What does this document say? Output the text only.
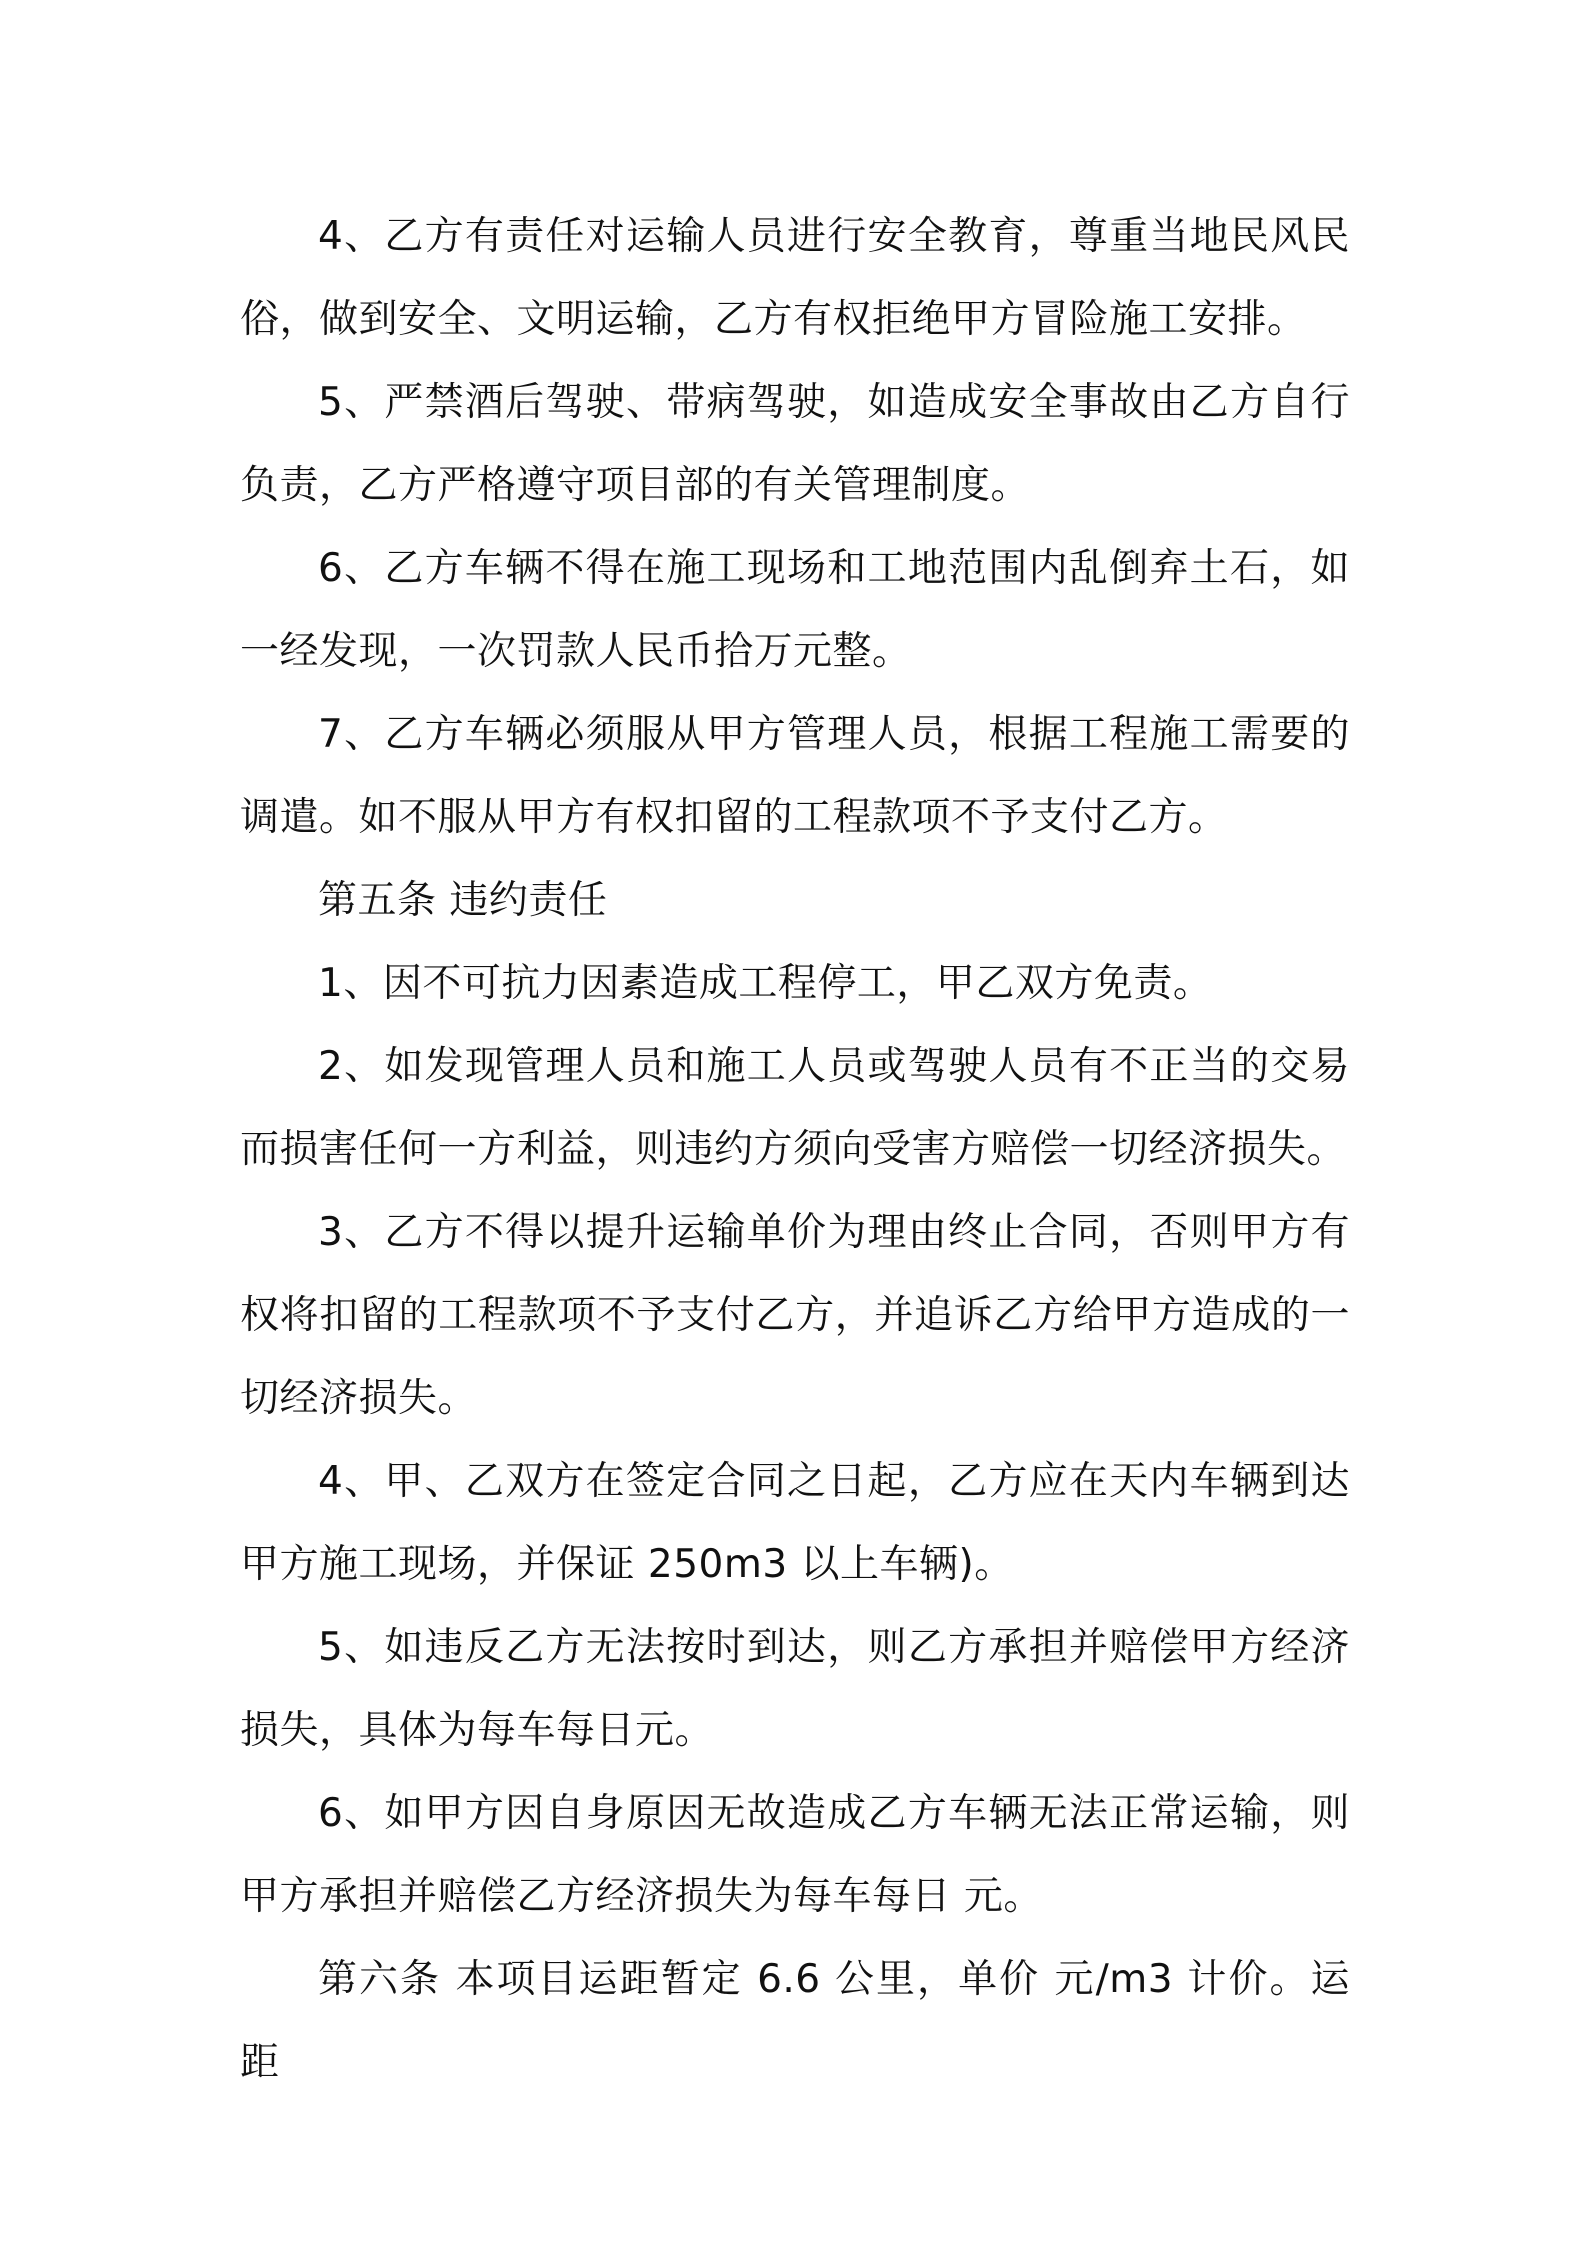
4、乙方有责任对运输人员进行安全教育，尊重当地民风民俗，做到安全、文明运输，乙方有权拒绝甲方冒险施工安排。

5、严禁酒后驾驶、带病驾驶，如造成安全事故由乙方自行负责，乙方严格遵守项目部的有关管理制度。

6、乙方车辆不得在施工现场和工地范围内乱倒弃土石，如一经发现，一次罚款人民币拾万元整。

7、乙方车辆必须服从甲方管理人员，根据工程施工需要的调遣。如不服从甲方有权扣留的工程款项不予支付乙方。

第五条 违约责任

1、因不可抗力因素造成工程停工，甲乙双方免责。

2、如发现管理人员和施工人员或驾驶人员有不正当的交易而损害任何一方利益，则违约方须向受害方赔偿一切经济损失。

3、乙方不得以提升运输单价为理由终止合同，否则甲方有权将扣留的工程款项不予支付乙方，并追诉乙方给甲方造成的一切经济损失。

4、甲、乙双方在签定合同之日起，乙方应在天内车辆到达甲方施工现场，并保证 250m3 以上车辆)。

5、如违反乙方无法按时到达，则乙方承担并赔偿甲方经济损失，具体为每车每日元。

6、如甲方因自身原因无故造成乙方车辆无法正常运输，则甲方承担并赔偿乙方经济损失为每车每日 元。

第六条 本项目运距暂定 6.6 公里，单价 元/m3 计价。运距
